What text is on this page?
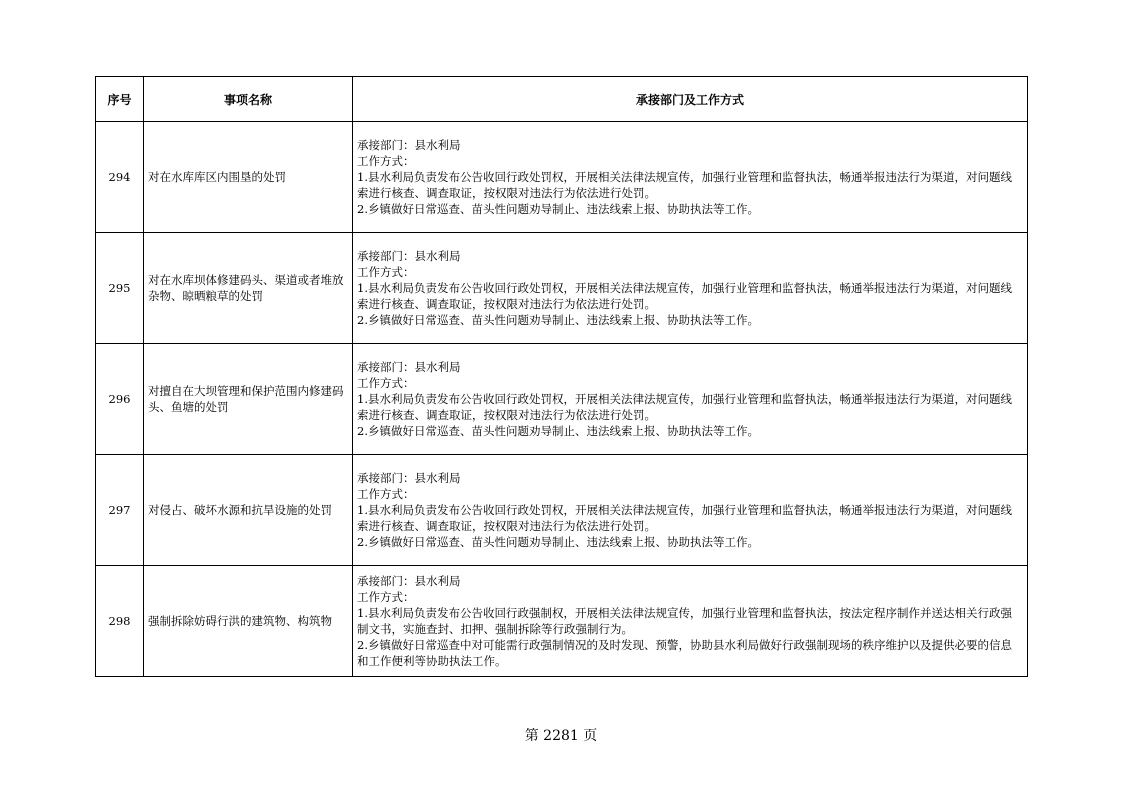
序号	事项名称	承接部门及工作方式
294	对在水库库区内围垦的处罚	承接部门：县水利局
工作方式：
1.县水利局负责发布公告收回行政处罚权，开展相关法律法规宣传，加强行业管理和监督执法，畅通举报违法行为渠道，对问题线索进行核查、调查取证，按权限对违法行为依法进行处罚。
2.乡镇做好日常巡查、苗头性问题劝导制止、违法线索上报、协助执法等工作。

295	对在水库坝体修建码头、渠道或者堆放杂物、晾晒粮草的处罚	承接部门：县水利局
工作方式：
1.县水利局负责发布公告收回行政处罚权，开展相关法律法规宣传，加强行业管理和监督执法，畅通举报违法行为渠道，对问题线索进行核查、调查取证，按权限对违法行为依法进行处罚。
2.乡镇做好日常巡查、苗头性问题劝导制止、违法线索上报、协助执法等工作。

296	对擅自在大坝管理和保护范围内修建码头、鱼塘的处罚	承接部门：县水利局
工作方式：
1.县水利局负责发布公告收回行政处罚权，开展相关法律法规宣传，加强行业管理和监督执法，畅通举报违法行为渠道，对问题线索进行核查、调查取证，按权限对违法行为依法进行处罚。
2.乡镇做好日常巡查、苗头性问题劝导制止、违法线索上报、协助执法等工作。

297	对侵占、破坏水源和抗旱设施的处罚	承接部门：县水利局
工作方式：
1.县水利局负责发布公告收回行政处罚权，开展相关法律法规宣传，加强行业管理和监督执法，畅通举报违法行为渠道，对问题线索进行核查、调查取证，按权限对违法行为依法进行处罚。
2.乡镇做好日常巡查、苗头性问题劝导制止、违法线索上报、协助执法等工作。

298	强制拆除妨碍行洪的建筑物、构筑物	承接部门：县水利局
工作方式：
1.县水利局负责发布公告收回行政强制权，开展相关法律法规宣传，加强行业管理和监督执法，按法定程序制作并送达相关行政强制文书，实施查封、扣押、强制拆除等行政强制行为。
2.乡镇做好日常巡查中对可能需行政强制情况的及时发现、预警，协助县水利局做好行政强制现场的秩序维护以及提供必要的信息和工作便利等协助执法工作。
第 2281 页
